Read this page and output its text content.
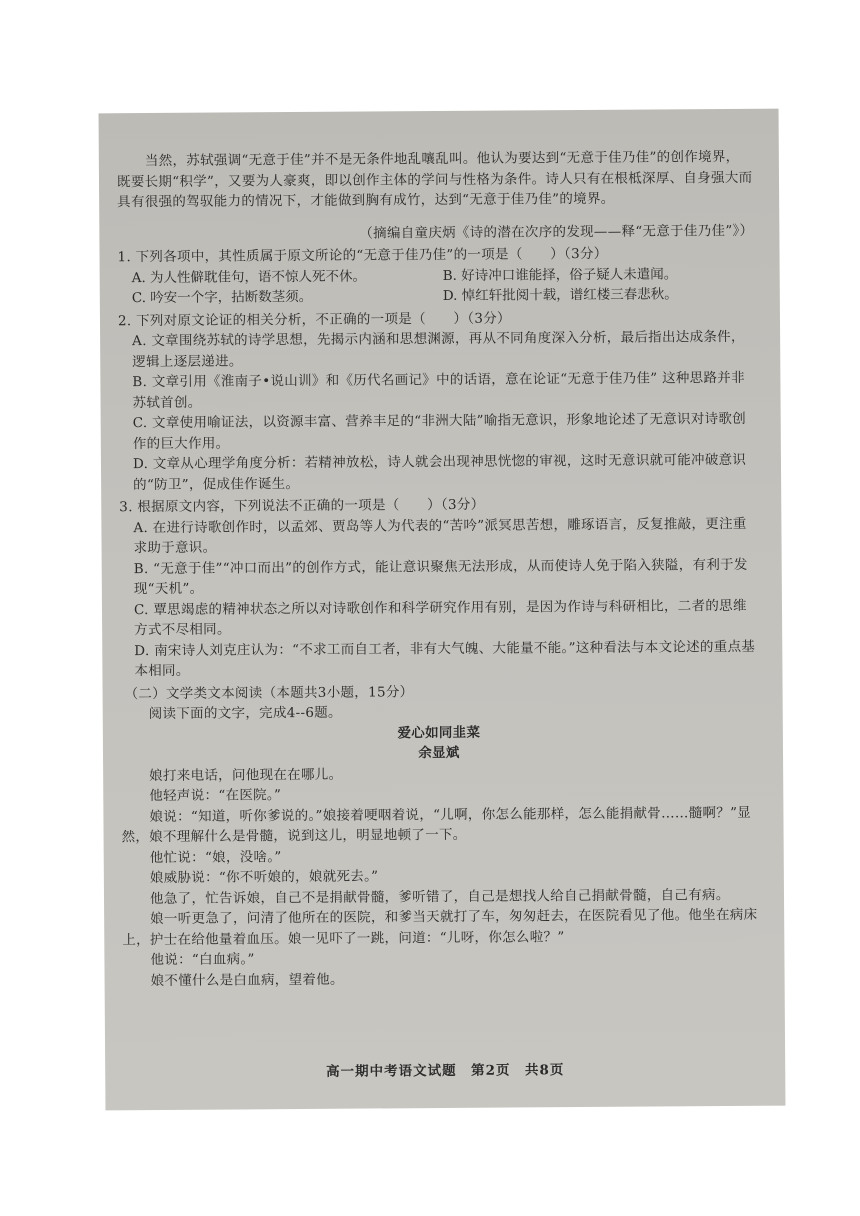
当然，苏轼强调“无意于佳”并不是无条件地乱嚷乱叫。他认为要达到“无意于佳乃佳”的创作境界，既要长期“积学”，又要为人豪爽，即以创作主体的学问与性格为条件。诗人只有在根柢深厚、自身强大而具有很强的驾驭能力的情况下，才能做到胸有成竹，达到“无意于佳乃佳”的境界。

（摘编自童庆炳《诗的潜在次序的发现——释“无意于佳乃佳”》）

1. 下列各项中，其性质属于原文所论的“无意于佳乃佳”的一项是（　　）（3分）

A. 为人性僻耽佳句，语不惊人死不休。	B. 好诗冲口谁能择，俗子疑人未遣闻。
C. 吟安一个字，拈断数茎须。	D. 悼红轩批阅十载，谱红楼三春悲秋。

2. 下列对原文论证的相关分析，不正确的一项是（　　）（3分）

A. 文章围绕苏轼的诗学思想，先揭示内涵和思想渊源，再从不同角度深入分析，最后指出达成条件，逻辑上逐层递进。

B. 文章引用《淮南子•说山训》和《历代名画记》中的话语，意在论证“无意于佳乃佳” 这种思路并非苏轼首创。

C. 文章使用喻证法，以资源丰富、营养丰足的“非洲大陆”喻指无意识，形象地论述了无意识对诗歌创作的巨大作用。

D. 文章从心理学角度分析：若精神放松，诗人就会出现神思恍惚的审视，这时无意识就可能冲破意识的“防卫”，促成佳作诞生。

3. 根据原文内容，下列说法不正确的一项是（　　）（3分）

A. 在进行诗歌创作时，以孟郊、贾岛等人为代表的“苦吟”派冥思苦想，雕琢语言，反复推敲，更注重求助于意识。

B. “无意于佳”“冲口而出”的创作方式，能让意识聚焦无法形成，从而使诗人免于陷入狭隘，有利于发现“天机”。

C. 覃思竭虑的精神状态之所以对诗歌创作和科学研究作用有别，是因为作诗与科研相比，二者的思维方式不尽相同。

D. 南宋诗人刘克庄认为：“不求工而自工者，非有大气魄、大能量不能。”这种看法与本文论述的重点基本相同。

（二）文学类文本阅读（本题共3小题，15分）

阅读下面的文字，完成4--6题。

爱心如同韭菜

余显斌

娘打来电话，问他现在在哪儿。

他轻声说：“在医院。”

娘说：“知道，听你爹说的。”娘接着哽咽着说，“儿啊，你怎么能那样，怎么能捐献骨……髓啊？”显然，娘不理解什么是骨髓，说到这儿，明显地顿了一下。

他忙说：“娘，没啥。”

娘威胁说：“你不听娘的，娘就死去。”

他急了，忙告诉娘，自己不是捐献骨髓，爹听错了，自己是想找人给自己捐献骨髓，自己有病。

娘一听更急了，问清了他所在的医院，和爹当天就打了车，匆匆赶去，在医院看见了他。他坐在病床上，护士在给他量着血压。娘一见吓了一跳，问道：“儿呀，你怎么啦？”

他说：“白血病。”

娘不懂什么是白血病，望着他。

高一期中考语文试题　第2页　共8页
